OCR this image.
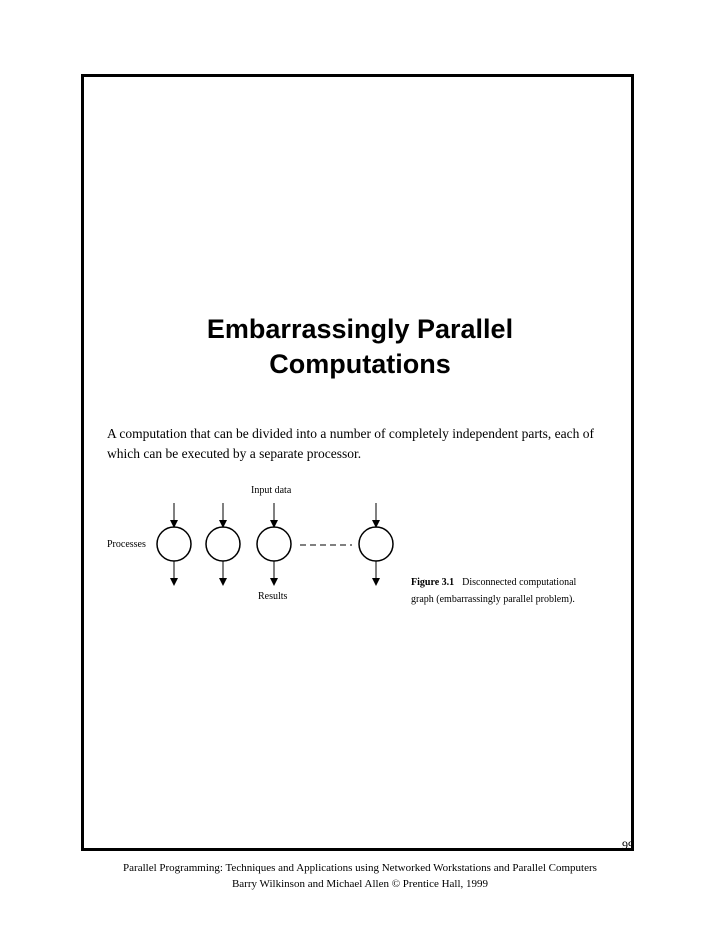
Embarrassingly Parallel
Computations
A computation that can be divided into a number of completely independent parts, each of
which can be executed by a separate processor.
Input data
Processes
Results
Figure 3.1 Disconnected computational
graph (embarrassingly parallel problem).
99
Parallel Programming: Techniques and Applications using Networked Workstations and Parallel Computers
Barry Wilkinson and Michael Allen © Prentice Hall, 1999
